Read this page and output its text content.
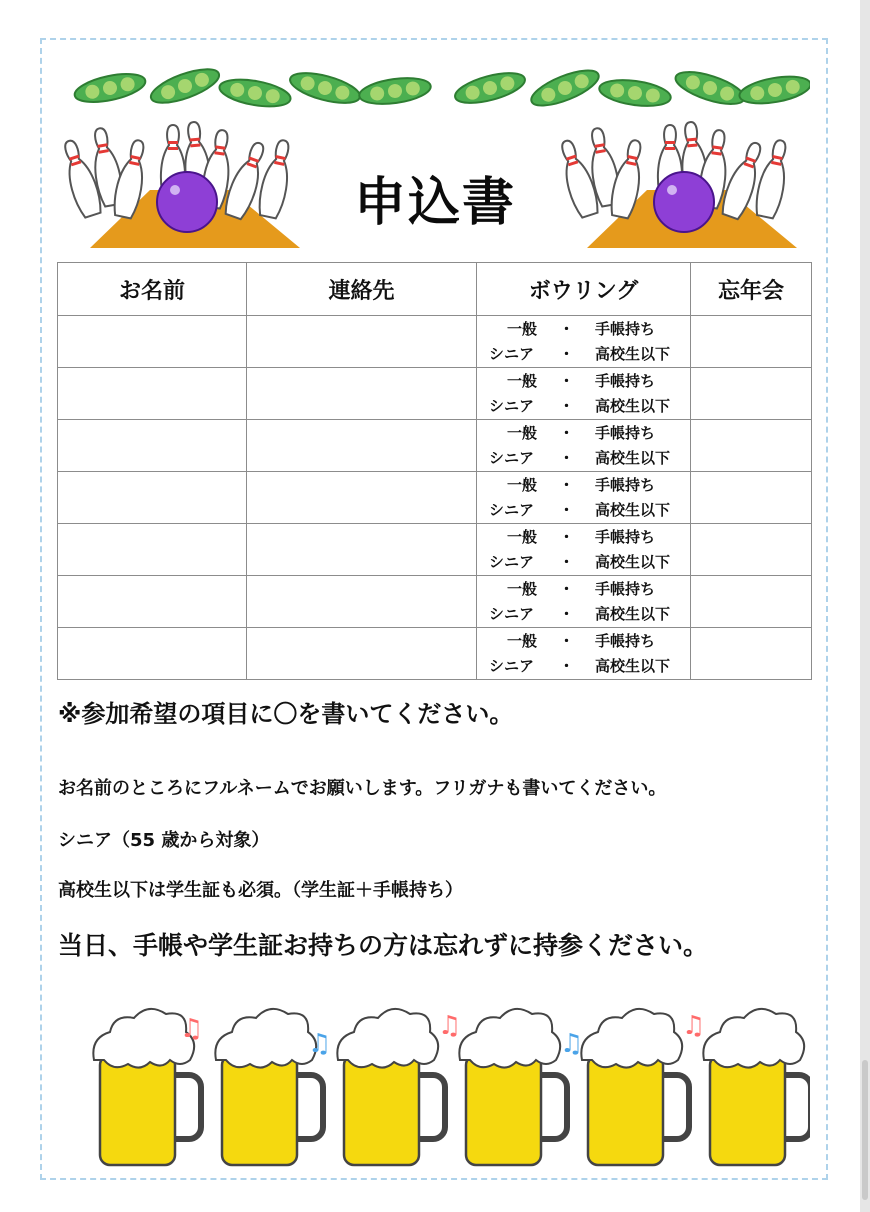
申込書
お名前	連絡先	ボウリング	忘年会

		一般 ・ 手帳持ち
シニア ・ 高校生以下	

		一般 ・ 手帳持ち
シニア ・ 高校生以下	

		一般 ・ 手帳持ち
シニア ・ 高校生以下	

		一般 ・ 手帳持ち
シニア ・ 高校生以下	

		一般 ・ 手帳持ち
シニア ・ 高校生以下	

		一般 ・ 手帳持ち
シニア ・ 高校生以下	

		一般 ・ 手帳持ち
シニア ・ 高校生以下	

※参加希望の項目に〇を書いてください。
お名前のところにフルネームでお願いします。フリガナも書いてください。
シニア（55 歳から対象）
高校生以下は学生証も必須。（学生証＋手帳持ち）
当日、手帳や学生証お持ちの方は忘れずに持参ください。
♫	♫
♫
♫
♫
